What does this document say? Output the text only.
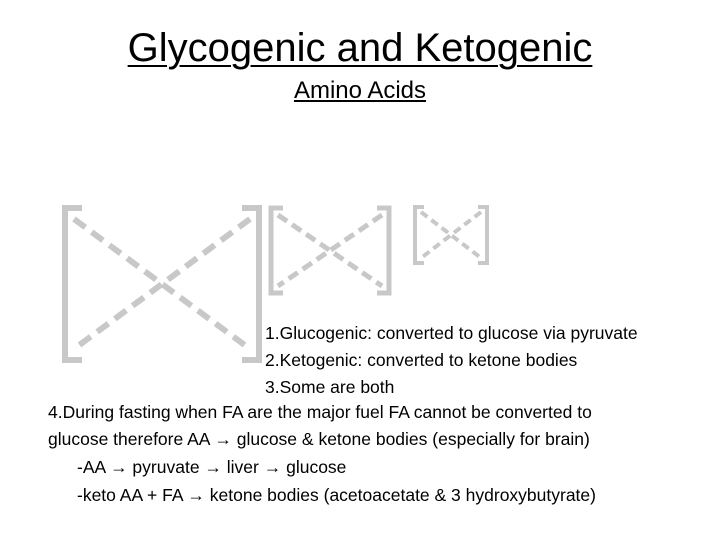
Glycogenic and Ketogenic
Amino Acids
1.Glucogenic: converted to glucose via pyruvate
2.Ketogenic: converted to ketone bodies
3.Some are both
4.During fasting when FA are the major fuel FA cannot be converted to
glucose therefore AA → glucose & ketone bodies (especially for brain)
-AA → pyruvate → liver → glucose
-keto AA + FA → ketone bodies (acetoacetate & 3 hydroxybutyrate)
